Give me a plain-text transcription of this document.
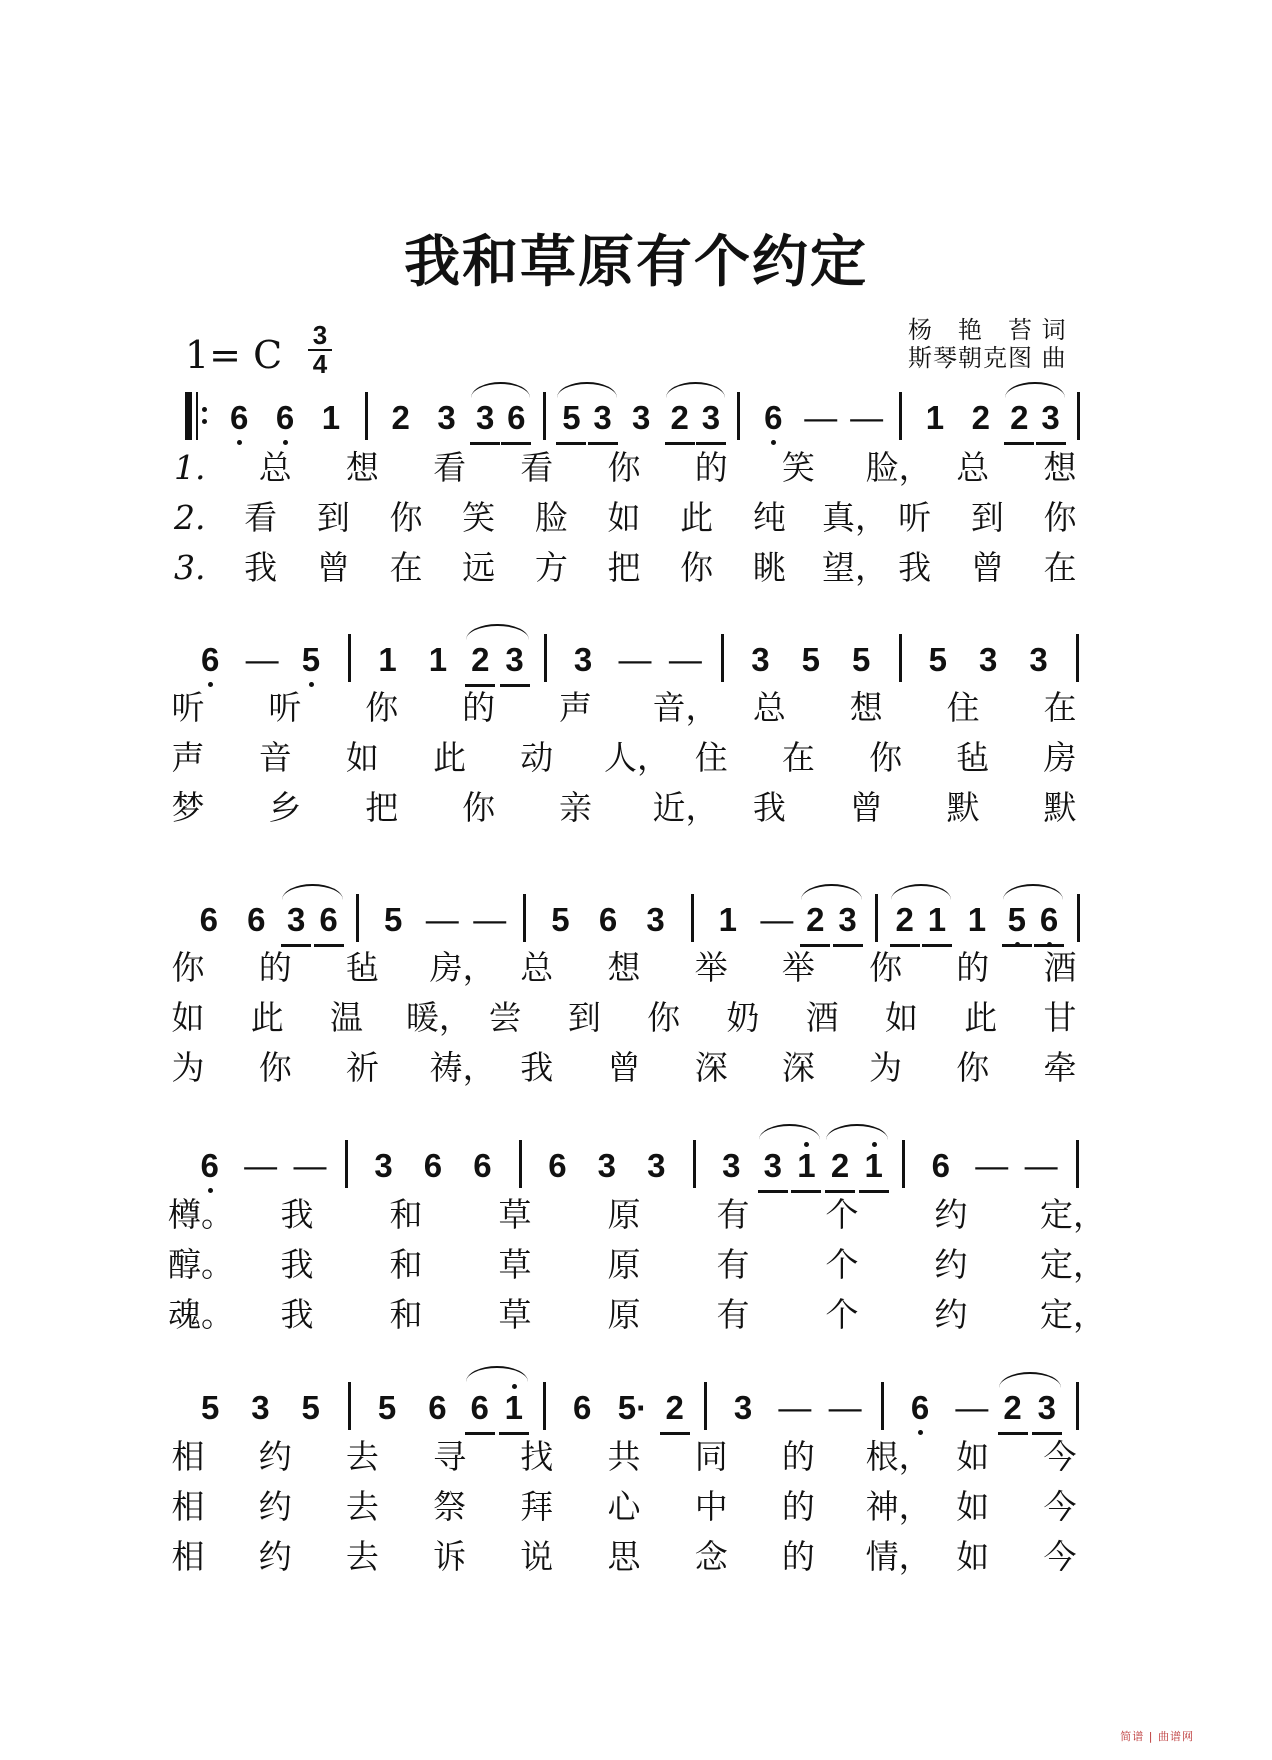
我和草原有个约定
1= C 3
4
杨　艳　苔 词
斯琴朝克图 曲
6 6 1 2 3 3 6 5 3 3 2 3 6 — — 1 2 2 3
1. 总 想 看 看 你 的 笑 脸， 总 想
2. 看 到 你 笑 脸 如 此 纯 真， 听 到 你
3. 我 曾 在 远 方 把 你 眺 望， 我 曾 在
6 — 5 1 1 2 3 3 — — 3 5 5 5 3 3
听 听 你 的 声 音， 总 想 住 在
声 音 如 此 动 人， 住 在 你 毡 房
梦 乡 把 你 亲 近， 我 曾 默 默
6 6 3 6 5 — — 5 6 3 1 — 2 3 2 1 1 5 6
你 的 毡 房， 总 想 举 举 你 的 酒
如 此 温 暖， 尝 到 你 奶 酒 如 此 甘
为 你 祈 祷， 我 曾 深 深 为 你 牵
6 — — 3 6 6 6 3 3 3 3 1 2 1 6 — —
樽。 我 和 草 原 有 个 约 定，
醇。 我 和 草 原 有 个 约 定，
魂。 我 和 草 原 有 个 约 定，
5 3 5 5 6 6 1 6 5· 2 3 — — 6 — 2 3
相 约 去 寻 找 共 同 的 根， 如 今
相 约 去 祭 拜 心 中 的 神， 如 今
相 约 去 诉 说 思 念 的 情， 如 今
简谱 | 曲谱网
